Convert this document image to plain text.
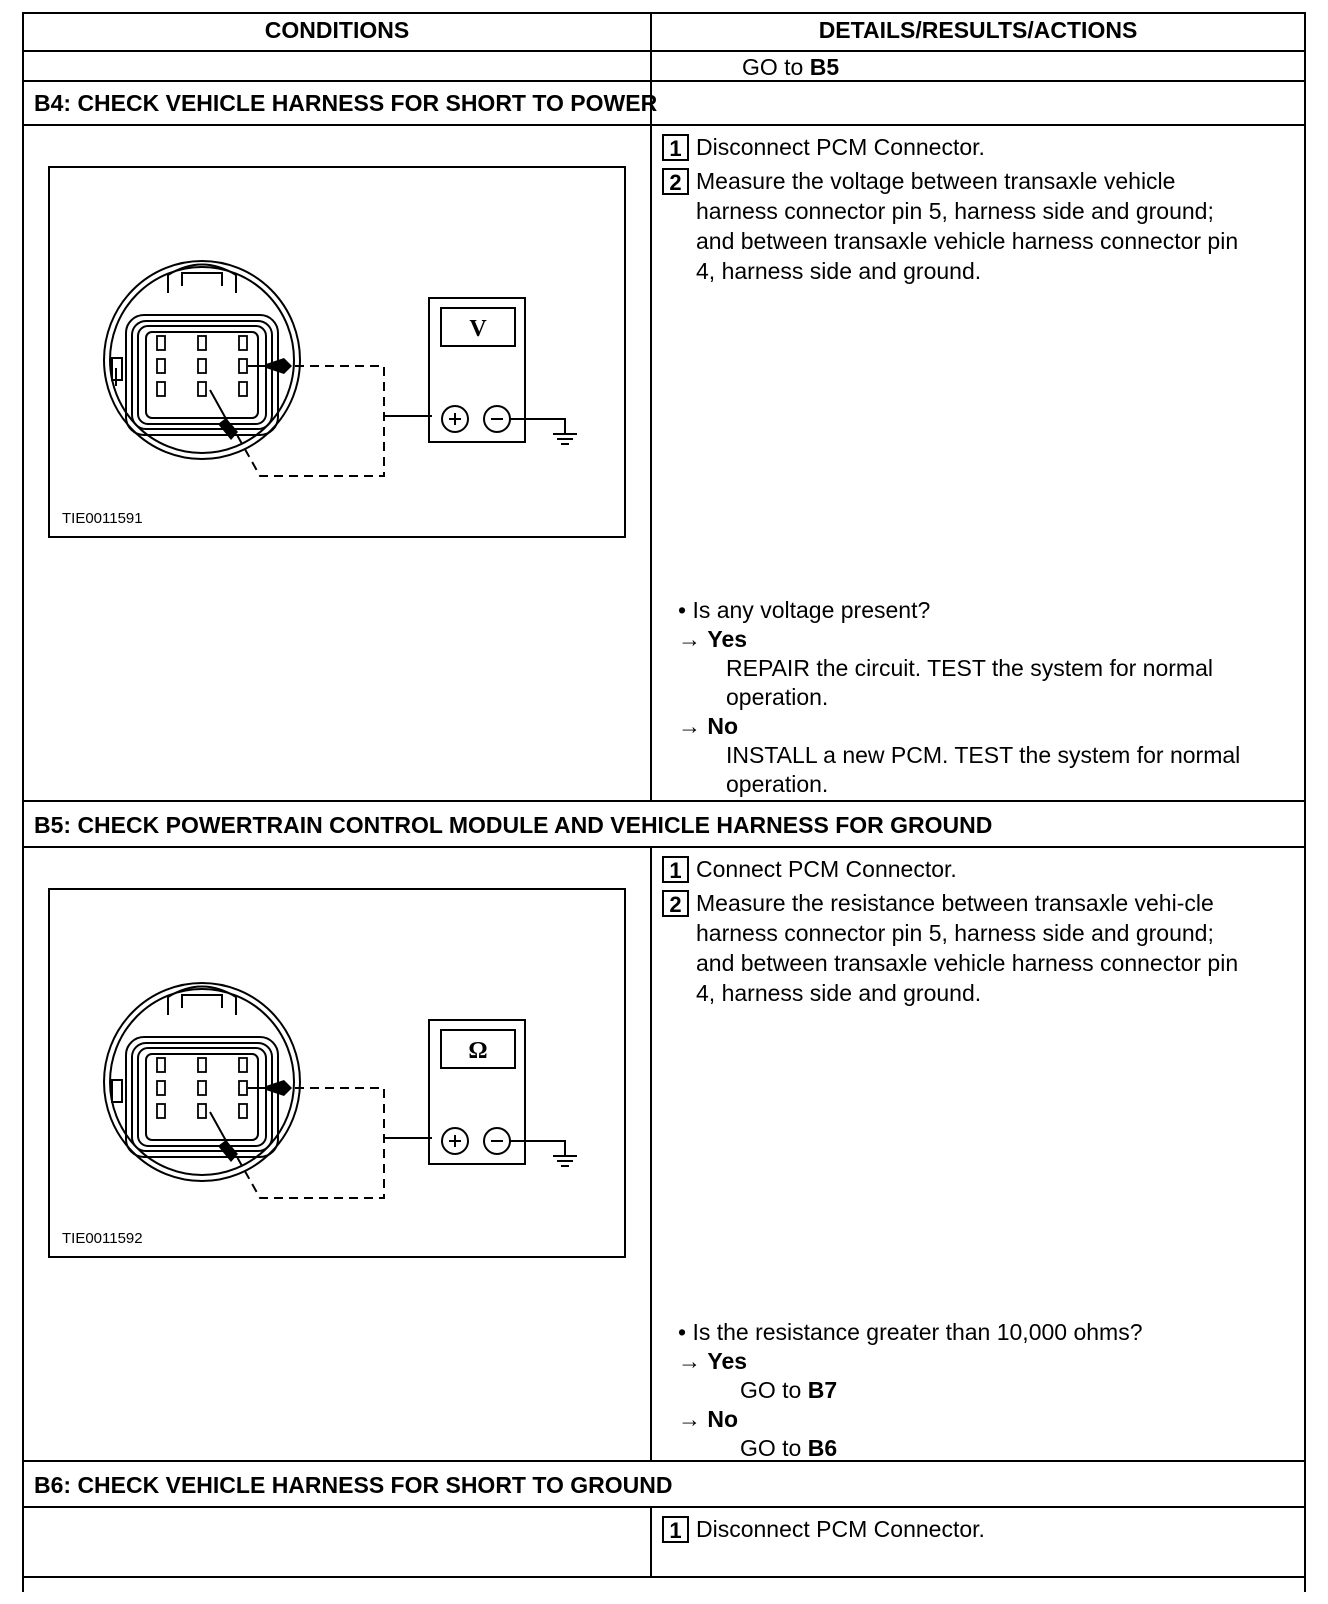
CONDITIONS	DETAILS/RESULTS/ACTIONS
GO to B5
B4: CHECK VEHICLE HARNESS FOR SHORT TO POWER
V
TIE0011591
1 Disconnect PCM Connector.
2 Measure the voltage between transaxle vehicle harness connector pin 5, harness side and ground; and between transaxle vehicle harness connector pin 4, harness side and ground.
• Is any voltage present?
→ Yes
REPAIR the circuit. TEST the system for normal operation.
→ No
INSTALL a new PCM. TEST the system for normal operation.
B5: CHECK POWERTRAIN CONTROL MODULE AND VEHICLE HARNESS FOR GROUND
Ω
TIE0011592
1 Connect PCM Connector.
2 Measure the resistance between transaxle vehi-cle harness connector pin 5, harness side and ground; and between transaxle vehicle harness connector pin 4, harness side and ground.
• Is the resistance greater than 10,000 ohms?
→ Yes
GO to B7
→ No
GO to B6
B6: CHECK VEHICLE HARNESS FOR SHORT TO GROUND
1 Disconnect PCM Connector.
